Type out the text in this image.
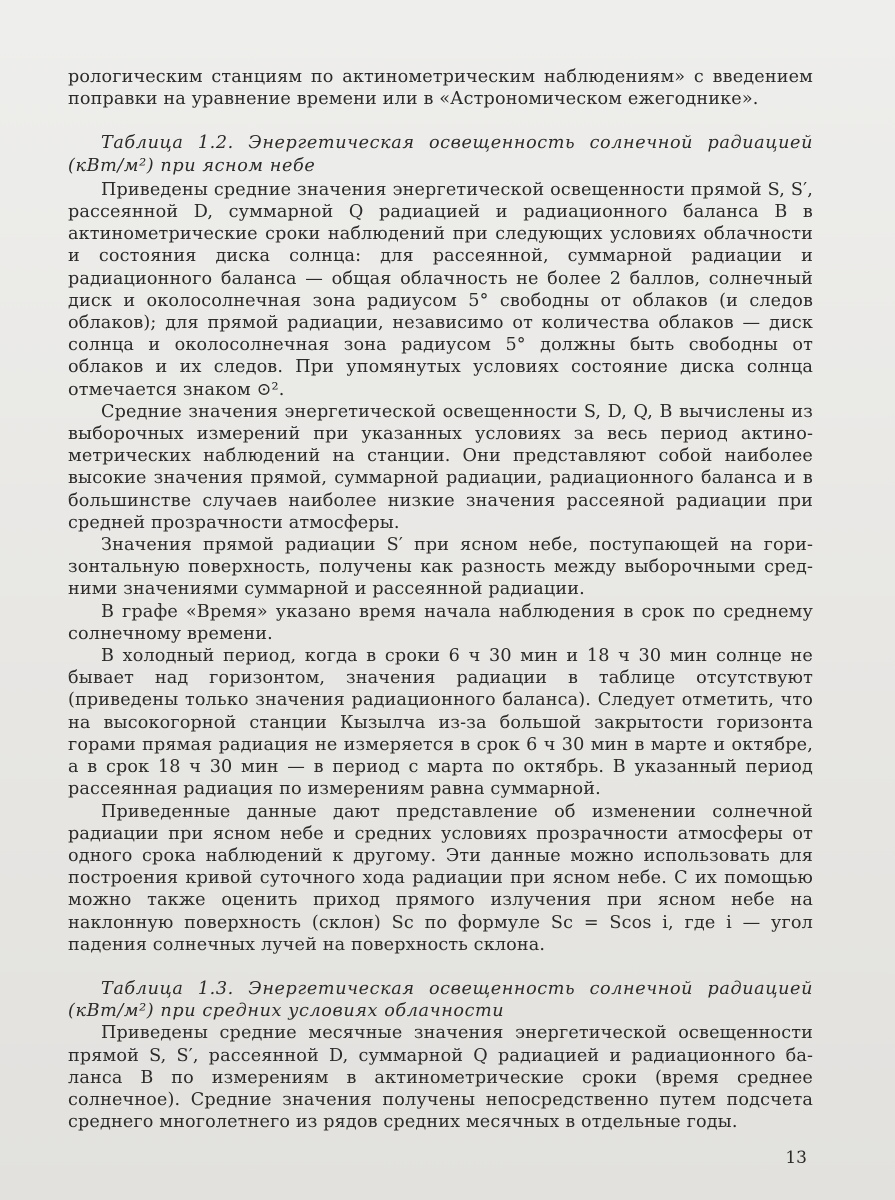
рологическим станциям по актинометрическим наблюдениям» с введением поправки на уравнение времени или в «Астрономическом ежегоднике».

Таблица 1.2. Энергетическая освещенность солнечной радиацией (кВт/м²) при ясном небе

Приведены средние значения энергетической освещенности прямой S, S′, рассеянной D, суммарной Q радиацией и радиационного баланса B в актинометрические сроки наблюдений при следующих условиях облачности и состояния диска солнца: для рассеянной, суммарной радиации и радиационного баланса — общая облачность не более 2 баллов, солнечный диск и околосолнечная зона радиусом 5° свободны от облаков (и следов облаков); для прямой радиации, независимо от количества облаков — диск солнца и околосолнечная зона радиусом 5° должны быть свободны от облаков и их следов. При упомянутых условиях состояние диска солнца отмечается знаком ⊙².

Средние значения энергетической освещенности S, D, Q, B вычислены из выборочных измерений при указанных условиях за весь период актинометрических наблюдений на станции. Они представляют собой наиболее высокие значения прямой, суммарной радиации, радиационного баланса и в большинстве случаев наиболее низкие значения рассеяной радиации при средней прозрачности атмосферы.

Значения прямой радиации S′ при ясном небе, поступающей на горизонтальную поверхность, получены как разность между выборочными средними значениями суммарной и рассеянной радиации.

В графе «Время» указано время начала наблюдения в срок по среднему солнечному времени.

В холодный период, когда в сроки 6 ч 30 мин и 18 ч 30 мин солнце не бывает над горизонтом, значения радиации в таблице отсутствуют (приведены только значения радиационного баланса). Следует отметить, что на высокогорной станции Кызылча из-за большой закрытости горизонта горами прямая радиация не измеряется в срок 6 ч 30 мин в марте и октябре, а в срок 18 ч 30 мин — в период с марта по октябрь. В указанный период рассеянная радиация по измерениям равна суммарной.

Приведенные данные дают представление об изменении солнечной радиации при ясном небе и средних условиях прозрачности атмосферы от одного срока наблюдений к другому. Эти данные можно использовать для построения кривой суточного хода радиации при ясном небе. С их помощью можно также оценить приход прямого излучения при ясном небе на наклонную поверхность (склон) Sc по формуле Sc = Scos i, где i — угол падения солнечных лучей на поверхность склона.

Таблица 1.3. Энергетическая освещенность солнечной радиацией (кВт/м²) при средних условиях облачности

Приведены средние месячные значения энергетической освещенности прямой S, S′, рассеянной D, суммарной Q радиацией и радиационного баланса B по измерениям в актинометрические сроки (время среднее солнечное). Средние значения получены непосредственно путем подсчета среднего многолетнего из рядов средних месячных в отдельные годы.

13
